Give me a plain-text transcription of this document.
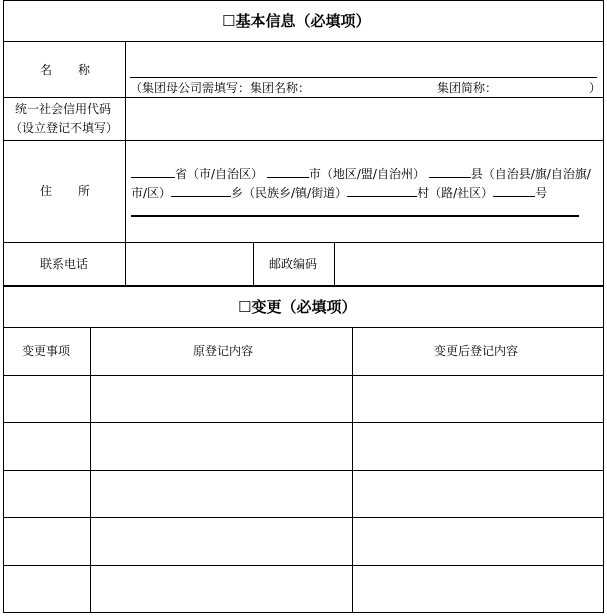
☐基本信息（必填项）
名 称
（集团母公司需填写：集团名称：	集团简称：	）
统一社会信用代码
（设立登记不填写）
住 所
省（市/自治区）	市（地区/盟/自治州）	县（自治县/旗/自治旗/
市/区）	乡（民族乡/镇/街道）	村（路/社区）	号
联系电话	邮政编码
☐变更（必填项）
变更事项	原登记内容	变更后登记内容
